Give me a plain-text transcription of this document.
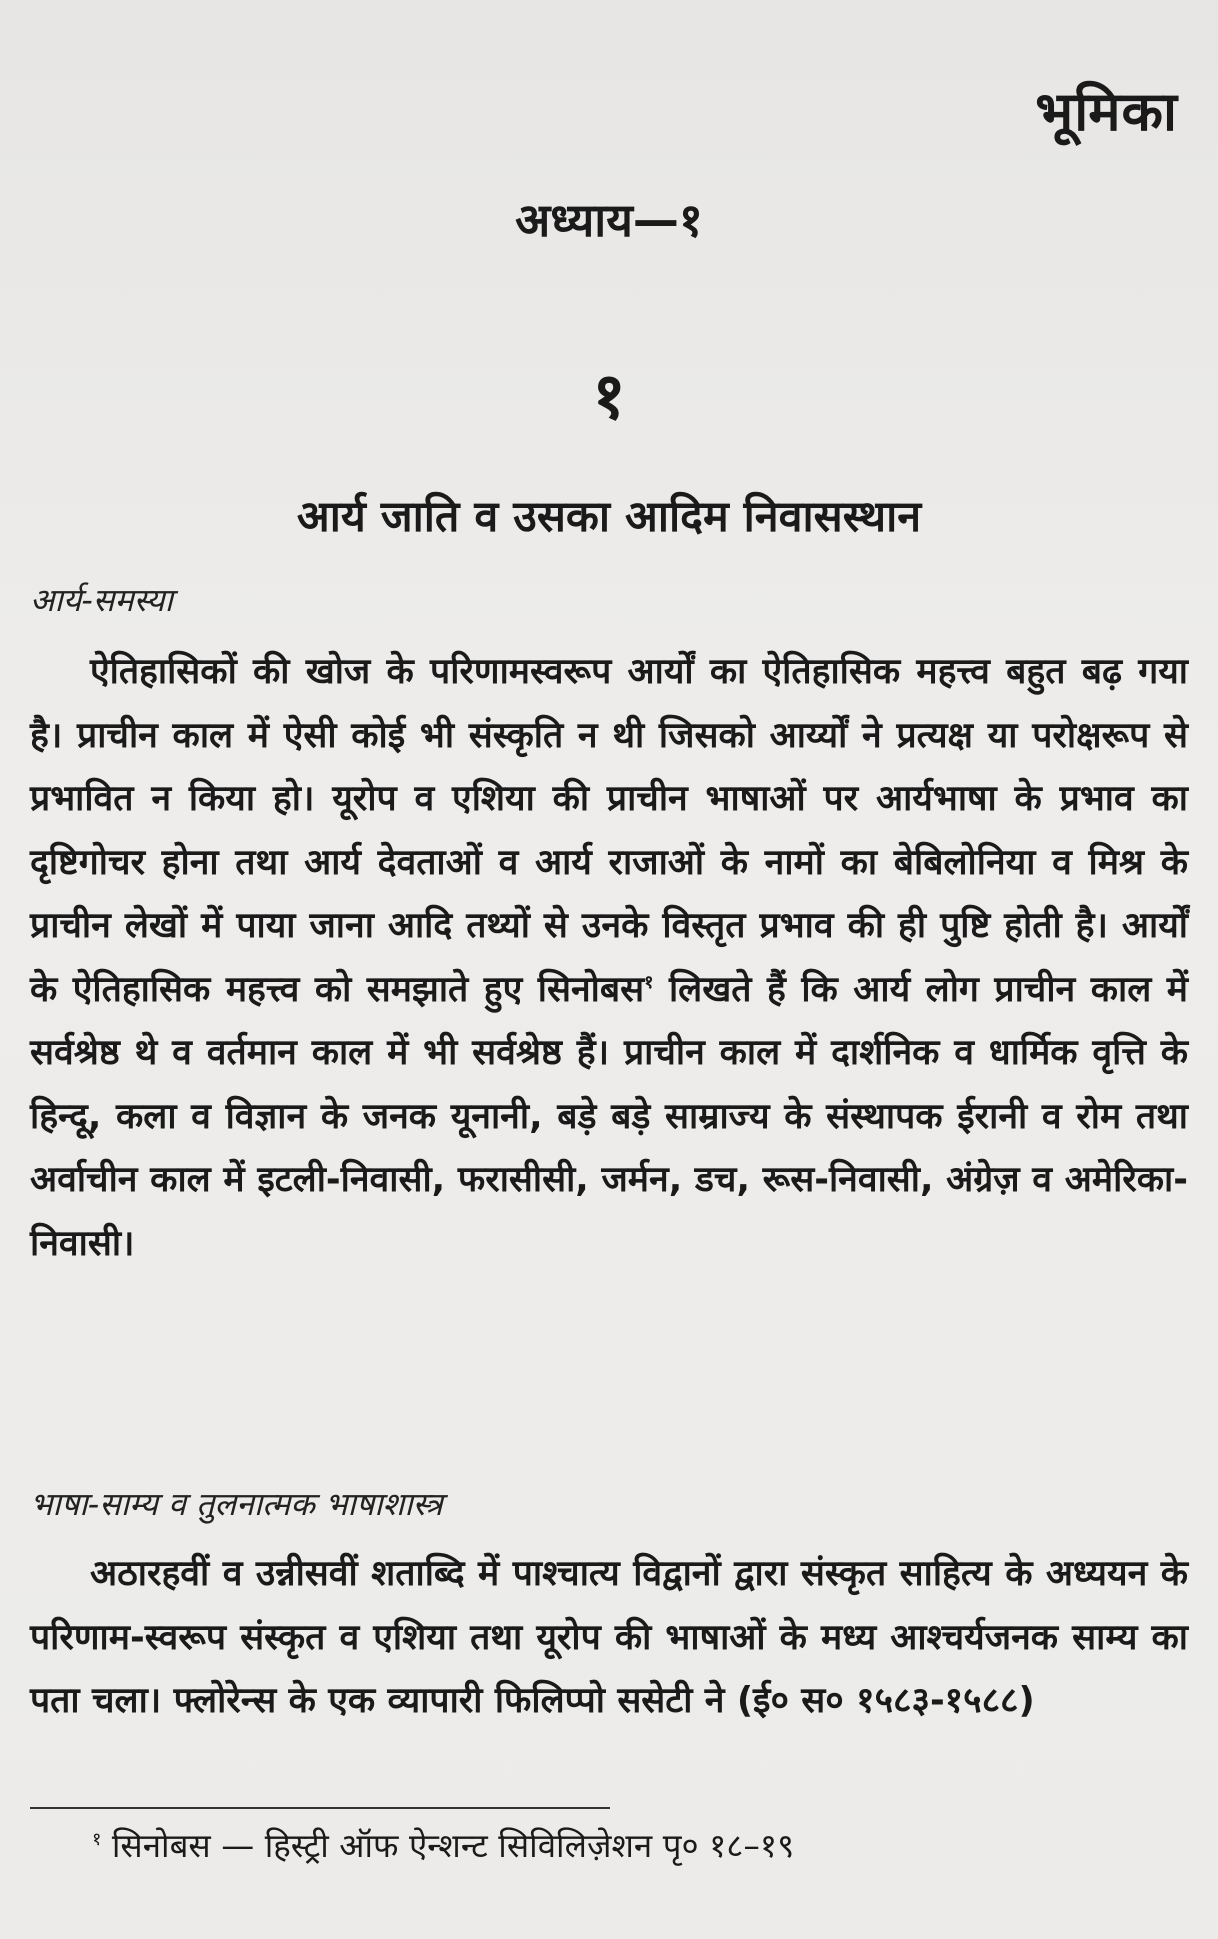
भूमिका
अध्याय—१
१
आर्य जाति व उसका आदिम निवासस्थान
आर्य-समस्या

ऐतिहासिकों की खोज के परिणामस्वरूप आर्यों का ऐतिहासिक महत्त्व बहुत बढ़ गया है। प्राचीन काल में ऐसी कोई भी संस्कृति न थी जिसको आर्य्यों ने प्रत्यक्ष या परोक्षरूप से प्रभावित न किया हो। यूरोप व एशिया की प्राचीन भाषाओं पर आर्यभाषा के प्रभाव का दृष्टिगोचर होना तथा आर्य देवताओं व आर्य राजाओं के नामों का बेबिलोनिया व मिश्र के प्राचीन लेखों में पाया जाना आदि तथ्यों से उनके विस्तृत प्रभाव की ही पुष्टि होती है। आर्यों के ऐतिहासिक महत्त्व को समझाते हुए सिनोबस$^१$ लिखते हैं कि आर्य लोग प्राचीन काल में सर्वश्रेष्ठ थे व वर्तमान काल में भी सर्वश्रेष्ठ हैं। प्राचीन काल में दार्शनिक व धार्मिक वृत्ति के हिन्दू, कला व विज्ञान के जनक यूनानी, बड़े बड़े साम्राज्य के संस्थापक ईरानी व रोम तथा अर्वाचीन काल में इटली-निवासी, फरासीसी, जर्मन, डच, रूस-निवासी, अंग्रेज़ व अमेरिका-निवासी।

भाषा-साम्य व तुलनात्मक भाषाशास्त्र

अठारहवीं व उन्नीसवीं शताब्दि में पाश्चात्य विद्वानों द्वारा संस्कृत साहित्य के अध्ययन के परिणाम-स्वरूप संस्कृत व एशिया तथा यूरोप की भाषाओं के मध्य आश्चर्यजनक साम्य का पता चला। फ्लोरेन्स के एक व्यापारी फिलिप्पो ससेटी ने (ई० स० १५८३-१५८८)

$^१$ सिनोबस — हिस्ट्री ऑफ ऐन्शन्ट सिविलिज़ेशन पृ० १८–१९
